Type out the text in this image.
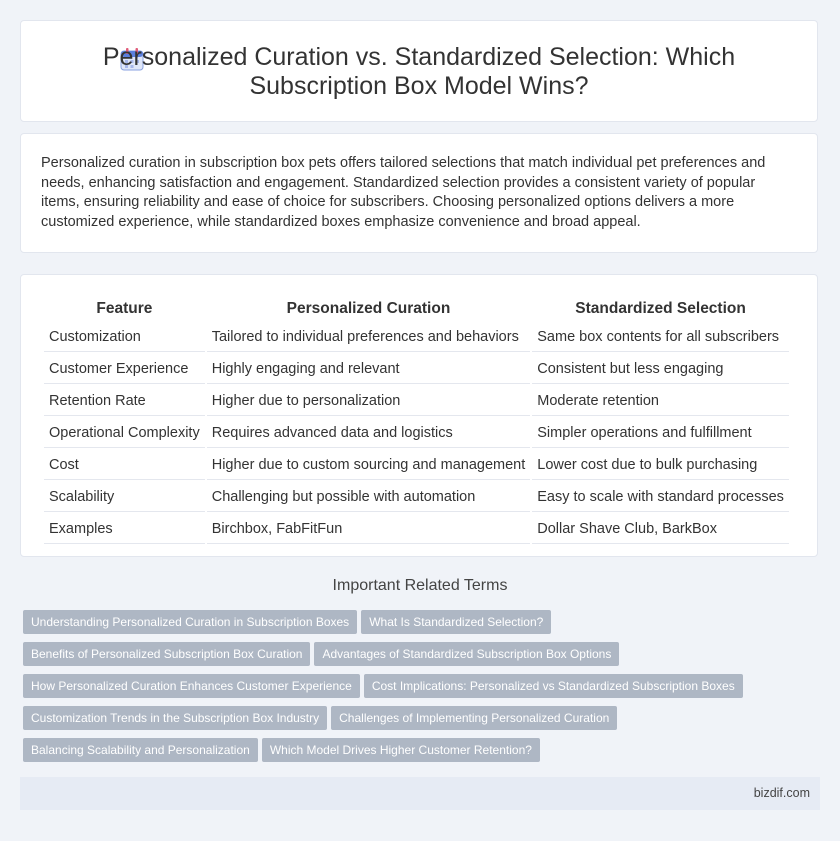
Personalized Curation vs. Standardized Selection: Which
Subscription Box Model Wins?

Personalized curation in subscription box pets offers tailored selections that match individual pet preferences and needs, enhancing satisfaction and engagement. Standardized selection provides a consistent variety of popular items, ensuring reliability and ease of choice for subscribers. Choosing personalized options delivers a more customized experience, while standardized boxes emphasize convenience and broad appeal.

Feature	Personalized Curation	Standardized Selection
Customization	Tailored to individual preferences and behaviors	Same box contents for all subscribers
Customer Experience	Highly engaging and relevant	Consistent but less engaging
Retention Rate	Higher due to personalization	Moderate retention
Operational Complexity	Requires advanced data and logistics	Simpler operations and fulfillment
Cost	Higher due to custom sourcing and management	Lower cost due to bulk purchasing
Scalability	Challenging but possible with automation	Easy to scale with standard processes
Examples	Birchbox, FabFitFun	Dollar Shave Club, BarkBox
Important Related Terms
Understanding Personalized Curation in Subscription Boxes What Is Standardized Selection?
Benefits of Personalized Subscription Box Curation Advantages of Standardized Subscription Box Options
How Personalized Curation Enhances Customer Experience Cost Implications: Personalized vs Standardized Subscription Boxes
Customization Trends in the Subscription Box Industry Challenges of Implementing Personalized Curation
Balancing Scalability and Personalization Which Model Drives Higher Customer Retention?
bizdif.com
